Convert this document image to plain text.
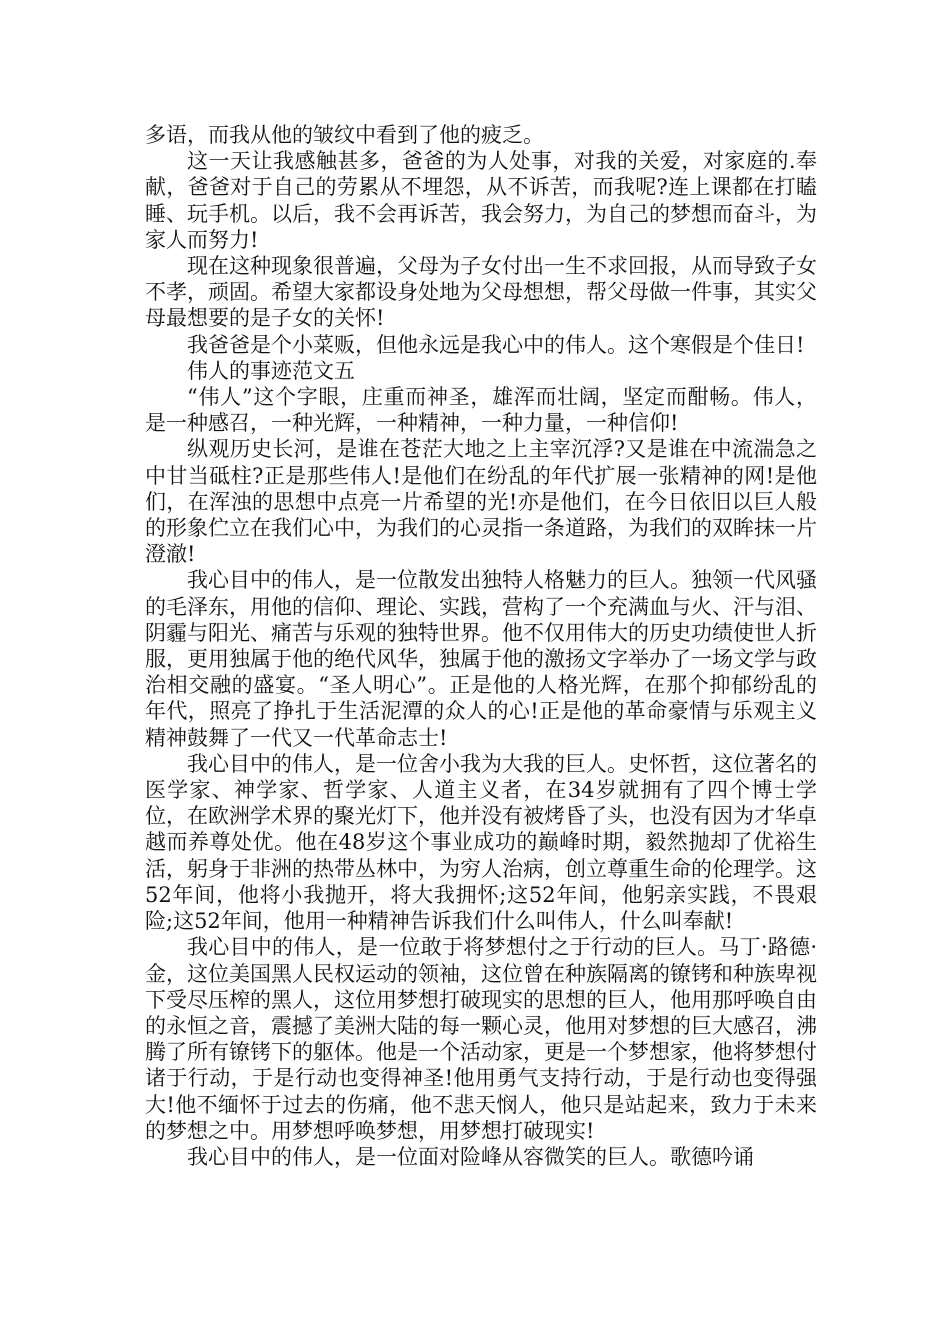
多语，而我从他的皱纹中看到了他的疲乏。

这一天让我感触甚多，爸爸的为人处事，对我的关爱，对家庭的.奉献，爸爸对于自己的劳累从不埋怨，从不诉苦，而我呢?连上课都在打瞌睡、玩手机。以后，我不会再诉苦，我会努力，为自己的梦想而奋斗，为家人而努力!

现在这种现象很普遍，父母为子女付出一生不求回报，从而导致子女不孝，顽固。希望大家都设身处地为父母想想，帮父母做一件事，其实父母最想要的是子女的关怀!

我爸爸是个小菜贩，但他永远是我心中的伟人。这个寒假是个佳日!

伟人的事迹范文五

“伟人”这个字眼，庄重而神圣，雄浑而壮阔，坚定而酣畅。伟人，是一种感召，一种光辉，一种精神，一种力量，一种信仰!

纵观历史长河，是谁在苍茫大地之上主宰沉浮?又是谁在中流湍急之中甘当砥柱?正是那些伟人!是他们在纷乱的年代扩展一张精神的网!是他们，在浑浊的思想中点亮一片希望的光!亦是他们，在今日依旧以巨人般的形象伫立在我们心中，为我们的心灵指一条道路，为我们的双眸抹一片澄澈!

我心目中的伟人，是一位散发出独特人格魅力的巨人。独领一代风骚的毛泽东，用他的信仰、理论、实践，营构了一个充满血与火、汗与泪、阴霾与阳光、痛苦与乐观的独特世界。他不仅用伟大的历史功绩使世人折服，更用独属于他的绝代风华，独属于他的激扬文字举办了一场文学与政治相交融的盛宴。“圣人明心”。正是他的人格光辉，在那个抑郁纷乱的年代，照亮了挣扎于生活泥潭的众人的心!正是他的革命豪情与乐观主义精神鼓舞了一代又一代革命志士!

我心目中的伟人，是一位舍小我为大我的巨人。史怀哲，这位著名的医学家、神学家、哲学家、人道主义者，在34岁就拥有了四个博士学位，在欧洲学术界的聚光灯下，他并没有被烤昏了头，也没有因为才华卓越而养尊处优。他在48岁这个事业成功的巅峰时期，毅然抛却了优裕生活，躬身于非洲的热带丛林中，为穷人治病，创立尊重生命的伦理学。这52年间，他将小我抛开，将大我拥怀;这52年间，他躬亲实践，不畏艰险;这52年间，他用一种精神告诉我们什么叫伟人，什么叫奉献!

我心目中的伟人，是一位敢于将梦想付之于行动的巨人。马丁·路德·金，这位美国黑人民权运动的领袖，这位曾在种族隔离的镣铐和种族卑视下受尽压榨的黑人，这位用梦想打破现实的思想的巨人，他用那呼唤自由的永恒之音，震撼了美洲大陆的每一颗心灵，他用对梦想的巨大感召，沸腾了所有镣铐下的躯体。他是一个活动家，更是一个梦想家，他将梦想付诸于行动，于是行动也变得神圣!他用勇气支持行动，于是行动也变得强大!他不缅怀于过去的伤痛，他不悲天悯人，他只是站起来，致力于未来的梦想之中。用梦想呼唤梦想，用梦想打破现实!

我心目中的伟人，是一位面对险峰从容微笑的巨人。歌德吟诵
